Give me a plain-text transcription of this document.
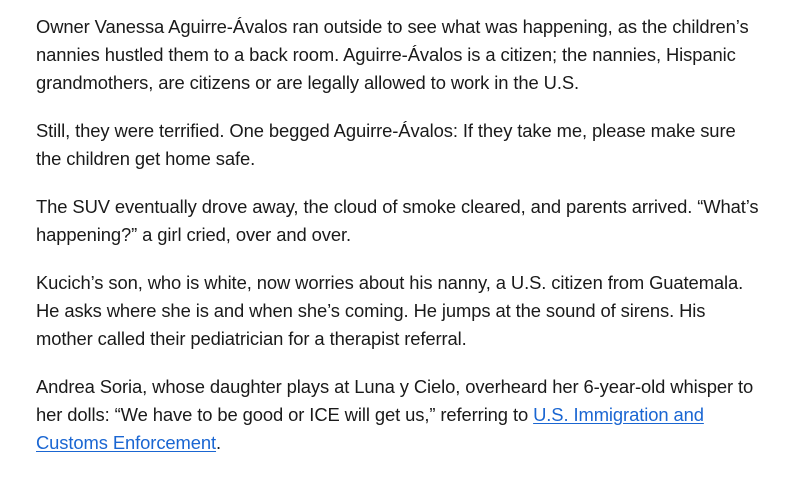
Owner Vanessa Aguirre-Ávalos ran outside to see what was happening, as the children’s nannies hustled them to a back room. Aguirre-Ávalos is a citizen; the nannies, Hispanic grandmothers, are citizens or are legally allowed to work in the U.S.

Still, they were terrified. One begged Aguirre-Ávalos: If they take me, please make sure the children get home safe.

The SUV eventually drove away, the cloud of smoke cleared, and parents arrived. “What’s happening?” a girl cried, over and over.

Kucich’s son, who is white, now worries about his nanny, a U.S. citizen from Guatemala. He asks where she is and when she’s coming. He jumps at the sound of sirens. His mother called their pediatrician for a therapist referral.

Andrea Soria, whose daughter plays at Luna y Cielo, overheard her 6-year-old whisper to her dolls: “We have to be good or ICE will get us,” referring to U.S. Immigration and Customs Enforcement.
